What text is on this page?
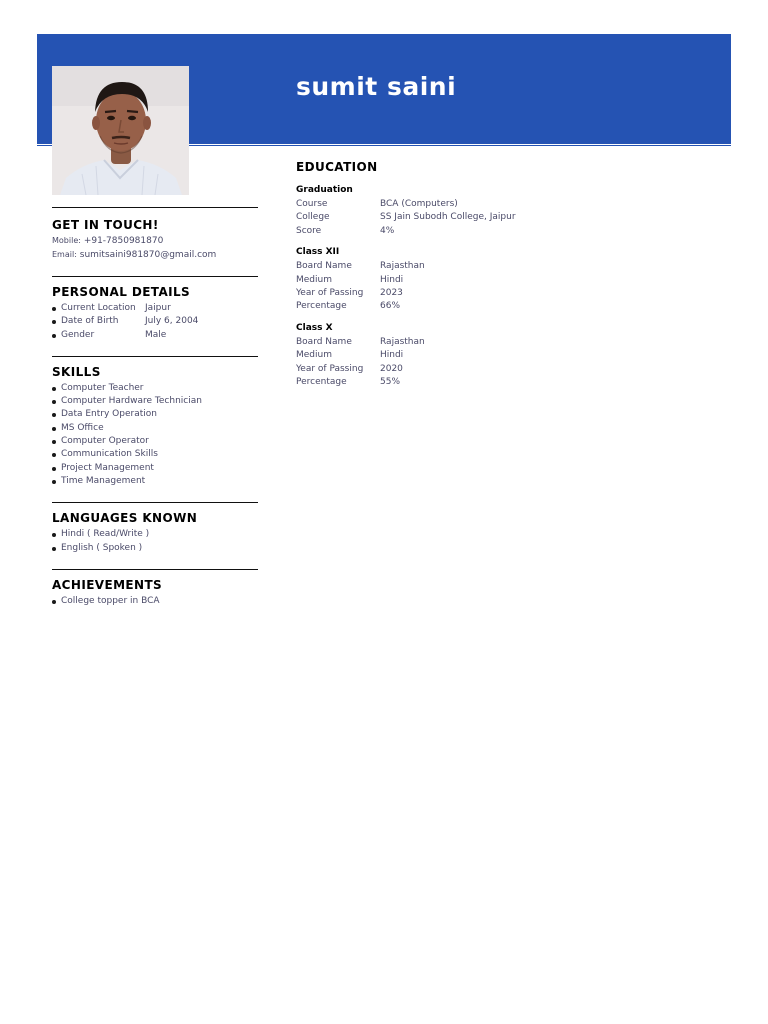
sumit saini
GET IN TOUCH!
Mobile: +91-7850981870
Email: sumitsaini981870@gmail.com
PERSONAL DETAILS
Current Location Jaipur
Date of Birth	July 6, 2004
Gender	Male
SKILLS
Computer Teacher
Computer Hardware Technician
Data Entry Operation
MS Office
Computer Operator
Communication Skills
Project Management
Time Management
LANGUAGES KNOWN
Hindi ( Read/Write )
English ( Spoken )
ACHIEVEMENTS
College topper in BCA
EDUCATION
Graduation
Course	BCA (Computers)
College	SS Jain Subodh College, Jaipur
Score	4%
Class XII
Board Name	Rajasthan
Medium	Hindi
Year of Passing 2023
Percentage	66%
Class X
Board Name	Rajasthan
Medium	Hindi
Year of Passing 2020
Percentage	55%
